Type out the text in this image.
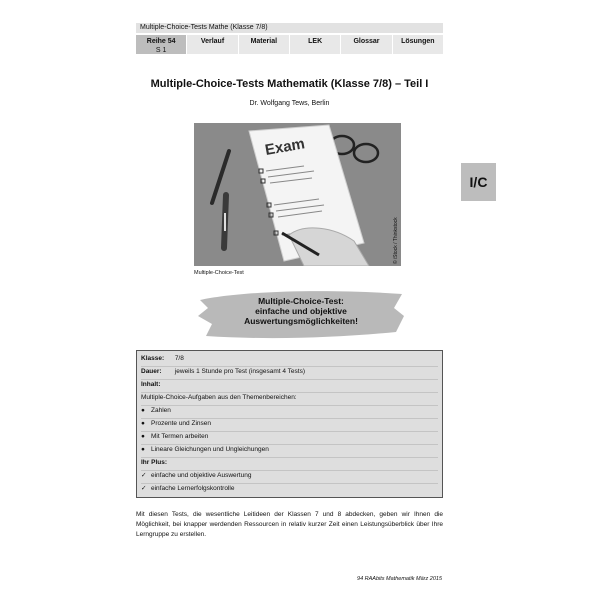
Multiple-Choice-Tests Mathe (Klasse 7/8)
Reihe 54
S 1
Verlauf	Material	LEK	Glossar	Lösungen
Multiple-Choice-Tests Mathematik (Klasse 7/8) – Teil I
Dr. Wolfgang Tews, Berlin
Exam
© iStock / Thinkstock
Multiple-Choice-Test
I/C
Multiple-Choice-Test:
einfache und objektive
Auswertungsmöglichkeiten!
Klasse: 7/8
Dauer: jeweils 1 Stunde pro Test (insgesamt 4 Tests)
Inhalt:
Multiple-Choice-Aufgaben aus den Themenbereichen:
● Zahlen
● Prozente und Zinsen
● Mit Termen arbeiten
● Lineare Gleichungen und Ungleichungen
Ihr Plus:
✓ einfache und objektive Auswertung
✓ einfache Lernerfolgskontrolle
Mit diesen Tests, die wesentliche Leitideen der Klassen 7 und 8 abdecken, geben wir Ihnen die Möglichkeit, bei knapper werdenden Ressourcen in relativ kurzer Zeit einen Leistungsüberblick über Ihre Lerngruppe zu erstellen.
94 RAAbits Mathematik März 2015
